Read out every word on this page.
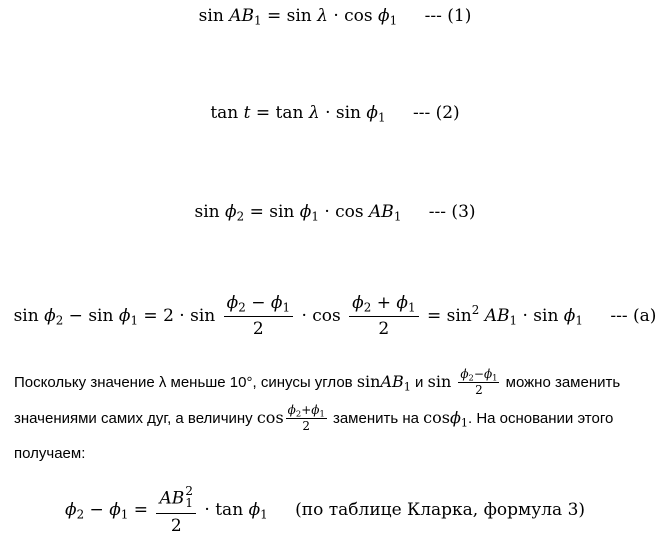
$\sin AB_1 = \sin \lambda \cdot \cos \phi_1$ --- (1)
$\tan t = \tan \lambda \cdot \sin \phi_1$ --- (2)
$\sin \phi_2 = \sin \phi_1 \cdot \cos AB_1$ --- (3)
$\sin \phi_2 - \sin \phi_1 = 2 \cdot \sin \frac{\phi_2 - \phi_1}{2} \cdot \cos \frac{\phi_2 + \phi_1}{2} = \sin^2 AB_1 \cdot \sin \phi_1$ --- (a)
Поскольку значение λ меньше 10°, синусы углов sinAB$_1$ и $\sin \frac{\phi_2-\phi_1}{2}$ можно заменить
значениями самих дуг, а величину $\cos \frac{\phi_2+\phi_1}{2}$ заменить на cosϕ$_1$. На основании этого
получаем:
$\phi_2 - \phi_1$ = AB 2
1
$2 \cdot \tan \phi_1$ (по таблице Кларка, формула 3)
